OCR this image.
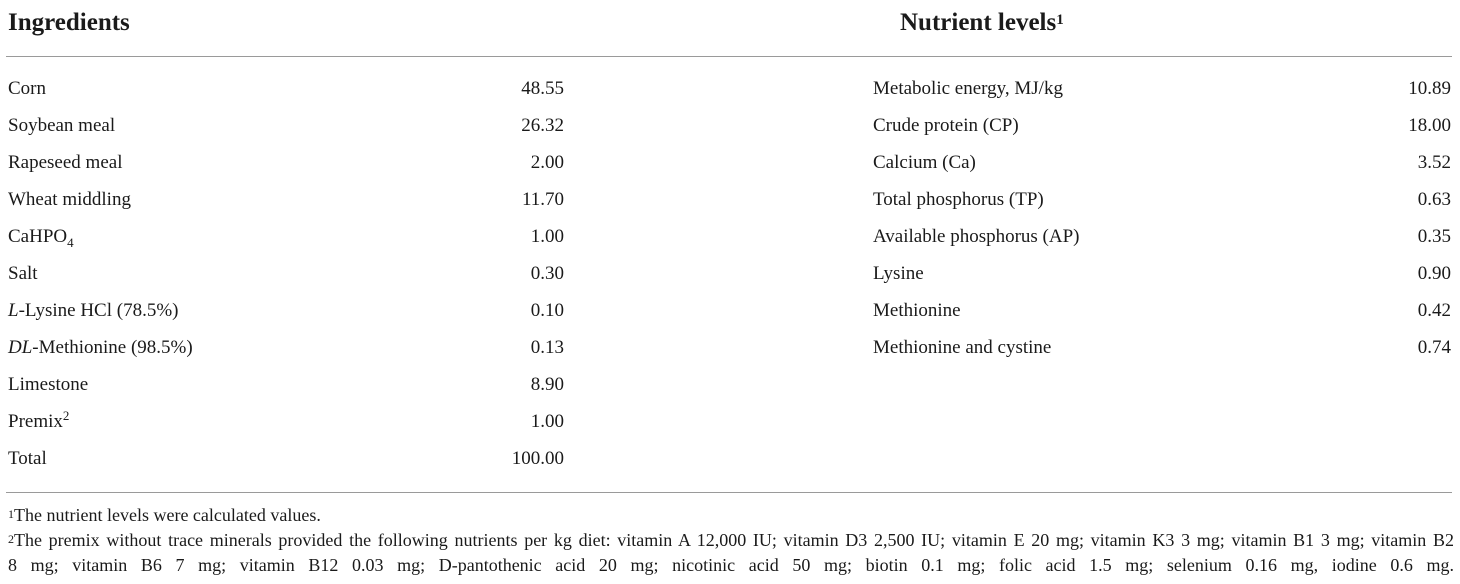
Ingredients	Nutrient levels$^1$
Corn	48.55
Soybean meal	26.32
Rapeseed meal	2.00
Wheat middling	11.70
CaHPO$_4$	1.00
Salt	0.30
L-Lysine HCl (78.5%)	0.10
DL-Methionine (98.5%)	0.13
Limestone	8.90
Premix$^2$	1.00
Total	100.00
Metabolic energy, MJ/kg	10.89
Crude protein (CP)	18.00
Calcium (Ca)	3.52
Total phosphorus (TP)	0.63
Available phosphorus (AP)	0.35
Lysine	0.90
Methionine	0.42
Methionine and cystine	0.74
$^1$The nutrient levels were calculated values.
$^2$The premix without trace minerals provided the following nutrients per kg diet: vitamin A 12,000 IU; vitamin D3 2,500 IU; vitamin E 20 mg; vitamin K3 3 mg; vitamin B1 3 mg; vitamin B2
8 mg; vitamin B6 7 mg; vitamin B12 0.03 mg; D-pantothenic acid 20 mg; nicotinic acid 50 mg; biotin 0.1 mg; folic acid 1.5 mg; selenium 0.16 mg, iodine 0.6 mg.
